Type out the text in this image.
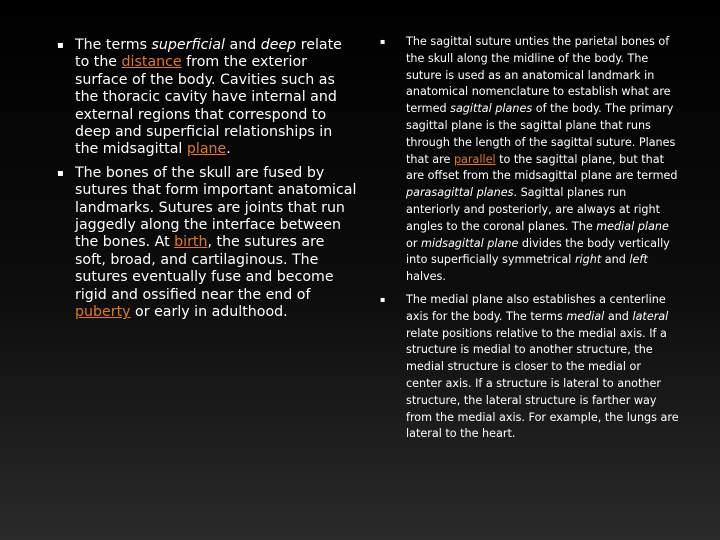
▪ The terms superficial and deep relate to the distance from the exterior surface of the body. Cavities such as the thoracic cavity have internal and external regions that correspond to deep and superficial relationships in the midsagittal plane.
▪ The bones of the skull are fused by sutures that form important anatomical landmarks. Sutures are joints that run jaggedly along the interface between the bones. At birth, the sutures are soft, broad, and cartilaginous. The sutures eventually fuse and become rigid and ossified near the end of puberty or early in adulthood.
▪ The sagittal suture unties the parietal bones of the skull along the midline of the body. The suture is used as an anatomical landmark in anatomical nomenclature to establish what are termed sagittal planes of the body. The primary sagittal plane is the sagittal plane that runs through the length of the sagittal suture. Planes that are parallel to the sagittal plane, but that are offset from the midsagittal plane are termed parasagittal planes. Sagittal planes run anteriorly and posteriorly, are always at right angles to the coronal planes. The medial plane or midsagittal plane divides the body vertically into superficially symmetrical right and left halves.
▪ The medial plane also establishes a centerline axis for the body. The terms medial and lateral relate positions relative to the medial axis. If a structure is medial to another structure, the medial structure is closer to the medial or center axis. If a structure is lateral to another structure, the lateral structure is farther way from the medial axis. For example, the lungs are lateral to the heart.
